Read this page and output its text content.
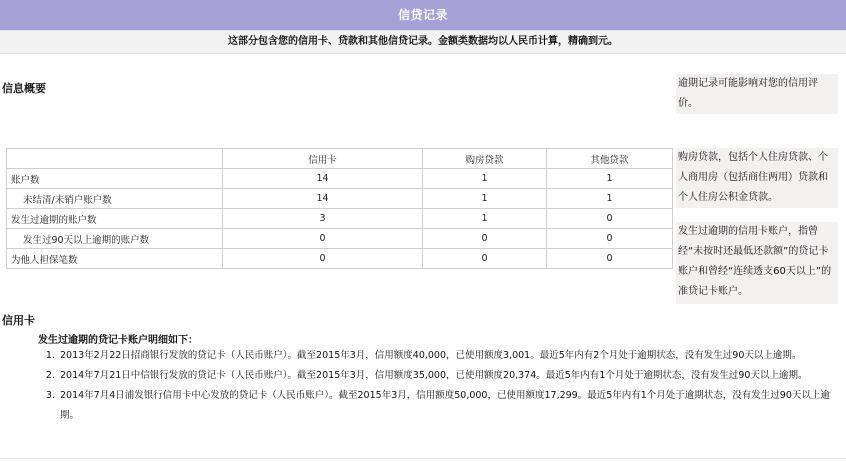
信贷记录
这部分包含您的信用卡、贷款和其他信贷记录。金额类数据均以人民币计算，精确到元。
信息概要	逾期记录可能影响对您的信用评价。
	信用卡	购房贷款	其他贷款
账户数	14	1	1
未结清/未销户账户数	14	1	1
发生过逾期的账户数	3	1	0
发生过90天以上逾期的账户数	0	0	0
为他人担保笔数	0	0	0
购房贷款，包括个人住房贷款、个人商用房（包括商住两用）贷款和个人住房公积金贷款。
发生过逾期的信用卡账户，指曾经“未按时还最低还款额”的贷记卡账户和曾经“连续透支60天以上”的准贷记卡账户。
信用卡
发生过逾期的贷记卡账户明细如下：
1. 2013年2月22日招商银行发放的贷记卡（人民币账户）。截至2015年3月，信用额度40,000，已使用额度3,001。最近5年内有2个月处于逾期状态，没有发生过90天以上逾期。
2. 2014年7月21日中信银行发放的贷记卡（人民币账户）。截至2015年3月，信用额度35,000，已使用额度20,374。最近5年内有1个月处于逾期状态，没有发生过90天以上逾期。
3. 2014年7月4日浦发银行信用卡中心发放的贷记卡（人民币账户）。截至2015年3月，信用额度50,000，已使用额度17,299。最近5年内有1个月处于逾期状态，没有发生过90天以上逾期。
